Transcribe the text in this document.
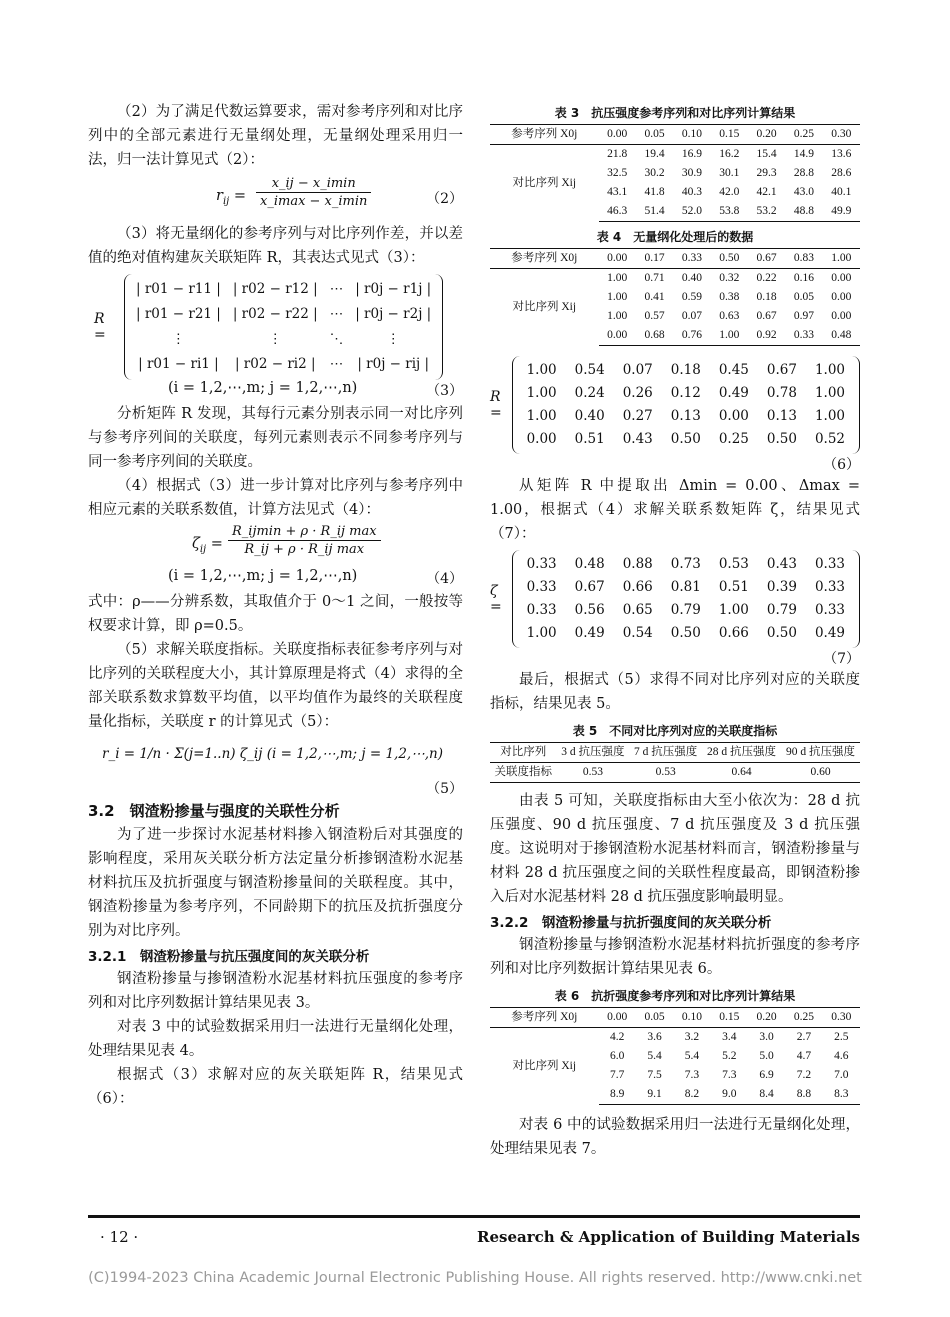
（2）为了满足代数运算要求，需对参考序列和对比序列中的全部元素进行无量纲处理，无量纲处理采用归一法，归一法计算见式（2）：

$r_{ij}$ =
x_ij − x_imin
x_imax − x_imin	（2）

（3）将无量纲化的参考序列与对比序列作差，并以差值的绝对值构建灰关联矩阵 R，其表达式见式（3）：

R =
| r01 − r11 |	| r02 − r12 |	⋯	| r0j − r1j |
| r01 − r21 |	| r02 − r22 |	⋯	| r0j − r2j |
⋮	⋮	⋱	⋮
| r01 − ri1 |	| r02 − ri2 |	⋯	| r0j − rij |
(i = 1,2,⋯,m; j = 1,2,⋯,n)	（3）

分析矩阵 R 发现，其每行元素分别表示同一对比序列与参考序列间的关联度，每列元素则表示不同参考序列与同一参考序列间的关联度。

（4）根据式（3）进一步计算对比序列与参考序列中相应元素的关联系数值，计算方法见式（4）：

$\zeta_{ij}$ =
R_ijmin + ρ · R_ij max
R_ij + ρ · R_ij max
(i = 1,2,⋯,m; j = 1,2,⋯,n)	（4）

式中：ρ——分辨系数，其取值介于 0～1 之间，一般按等权要求计算，即 ρ=0.5。

（5）求解关联度指标。关联度指标表征参考序列与对比序列的关联程度大小，其计算原理是将式（4）求得的全部关联系数求算数平均值，以平均值作为最终的关联程度量化指标，关联度 r 的计算见式（5）：

r_i = 1/n · Σ(j=1..n) ζ_ij (i = 1,2,⋯,m; j = 1,2,⋯,n)
（5）
3.2　钢渣粉掺量与强度的关联性分析

为了进一步探讨水泥基材料掺入钢渣粉后对其强度的影响程度，采用灰关联分析方法定量分析掺钢渣粉水泥基材料抗压及抗折强度与钢渣粉掺量间的关联程度。其中，钢渣粉掺量为参考序列，不同龄期下的抗压及抗折强度分别为对比序列。

3.2.1　钢渣粉掺量与抗压强度间的灰关联分析

钢渣粉掺量与掺钢渣粉水泥基材料抗压强度的参考序列和对比序列数据计算结果见表 3。

对表 3 中的试验数据采用归一法进行无量纲化处理，处理结果见表 4。

根据式（3）求解对应的灰关联矩阵 R，结果见式（6）：

表 3　抗压强度参考序列和对比序列计算结果
参考序列 X0j	0.00	0.05	0.10	0.15	0.20	0.25	0.30
对比序列 Xij	21.8	19.4	16.9	16.2	15.4	14.9	13.6
	32.5	30.2	30.9	30.1	29.3	28.8	28.6
	43.1	41.8	40.3	42.0	42.1	43.0	40.1
	46.3	51.4	52.0	53.8	53.2	48.8	49.9
表 4　无量纲化处理后的数据
参考序列 X0j	0.00	0.17	0.33	0.50	0.67	0.83	1.00
对比序列 Xij	1.00	0.71	0.40	0.32	0.22	0.16	0.00
	1.00	0.41	0.59	0.38	0.18	0.05	0.00
	1.00	0.57	0.07	0.63	0.67	0.97	0.00
	0.00	0.68	0.76	1.00	0.92	0.33	0.48
R =
1.00	0.54	0.07	0.18	0.45	0.67	1.00
1.00	0.24	0.26	0.12	0.49	0.78	1.00
1.00	0.40	0.27	0.13	0.00	0.13	1.00
0.00	0.51	0.43	0.50	0.25	0.50	0.52
（6）

从矩阵 R 中提取出 Δmin = 0.00、Δmax = 1.00，根据式（4）求解关联系数矩阵 ζ，结果见式（7）：

ζ =
0.33	0.48	0.88	0.73	0.53	0.43	0.33
0.33	0.67	0.66	0.81	0.51	0.39	0.33
0.33	0.56	0.65	0.79	1.00	0.79	0.33
1.00	0.49	0.54	0.50	0.66	0.50	0.49
（7）

最后，根据式（5）求得不同对比序列对应的关联度指标，结果见表 5。

表 5　不同对比序列对应的关联度指标
对比序列	3 d 抗压强度	7 d 抗压强度	28 d 抗压强度	90 d 抗压强度
关联度指标	0.53	0.53	0.64	0.60

由表 5 可知，关联度指标由大至小依次为：28 d 抗压强度、90 d 抗压强度、7 d 抗压强度及 3 d 抗压强度。这说明对于掺钢渣粉水泥基材料而言，钢渣粉掺量与材料 28 d 抗压强度之间的关联性程度最高，即钢渣粉掺入后对水泥基材料 28 d 抗压强度影响最明显。

3.2.2　钢渣粉掺量与抗折强度间的灰关联分析

钢渣粉掺量与掺钢渣粉水泥基材料抗折强度的参考序列和对比序列数据计算结果见表 6。

表 6　抗折强度参考序列和对比序列计算结果
参考序列 X0j	0.00	0.05	0.10	0.15	0.20	0.25	0.30
对比序列 Xij	4.2	3.6	3.2	3.4	3.0	2.7	2.5
	6.0	5.4	5.4	5.2	5.0	4.7	4.6
	7.7	7.5	7.3	7.3	6.9	7.2	7.0
	8.9	9.1	8.2	9.0	8.4	8.8	8.3

对表 6 中的试验数据采用归一法进行无量纲化处理，处理结果见表 7。

· 12 ·	Research & Application of Building Materials
(C)1994-2023 China Academic Journal Electronic Publishing House. All rights reserved. http://www.cnki.net
